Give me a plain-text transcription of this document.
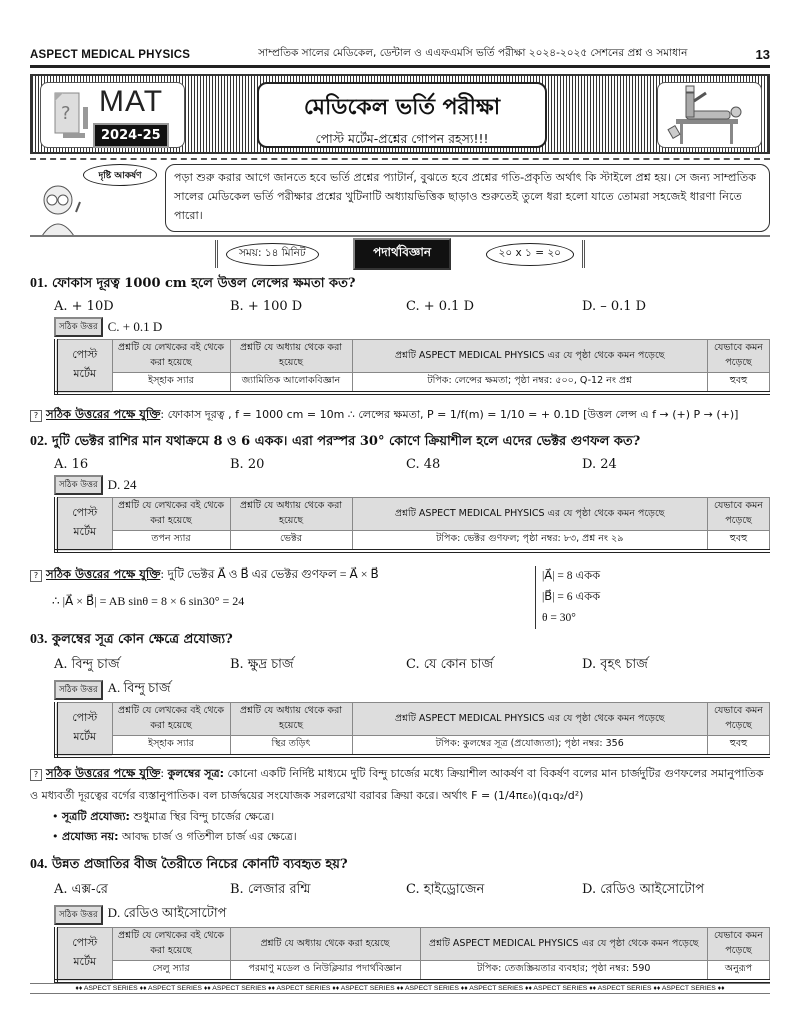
ASPECT MEDICAL PHYSICS	সাম্প্রতিক সালের মেডিকেল, ডেন্টাল ও এএফএমসি ভর্তি পরীক্ষা ২০২৪-২০২৫ সেশনের প্রশ্ন ও সমাধান	13
? MAT
2024-25
মেডিকেল ভর্তি পরীক্ষা
পোস্ট মর্টেম-প্রশ্নের গোপন রহস্য!!!
দৃষ্টি আকর্ষণ	পড়া শুরু করার আগে জানতে হবে ভর্তি প্রশ্নের প্যাটার্ন, বুঝতে হবে প্রশ্নের গতি-প্রকৃতি অর্থাৎ কি স্টাইলে প্রশ্ন হয়। সে জন্য সাম্প্রতিক সালের মেডিকেল ভর্তি পরীক্ষার প্রশ্নের খুটিনাটি অধ্যায়ভিত্তিক ছাড়াও শুরুতেই তুলে ধরা হলো যাতে তোমরা সহজেই ধারণা নিতে পারো।
সময়: ১৪ মিনিট	পদার্থবিজ্ঞান	২০ x ১ = ২০
01. ফোকাস দূরত্ব 1000 cm হলে উত্তল লেন্সের ক্ষমতা কত?
A. + 10D	B. + 100 D	C. + 0.1 D	D. – 0.1 D
সঠিক উত্তর C. + 0.1 D
পোস্ট মর্টেম	প্রশ্নটি যে লেখকের বই থেকে করা হয়েছে	প্রশ্নটি যে অধ্যায় থেকে করা হয়েছে	প্রশ্নটি ASPECT MEDICAL PHYSICS এর যে পৃষ্ঠা থেকে কমন পড়েছে	যেভাবে কমন পড়েছে
	ইস্‌হাক স্যার	জ্যামিতিক আলোকবিজ্ঞান	টপিক: লেন্সের ক্ষমতা; পৃষ্ঠা নম্বর: ৫০০, Q-12 নং প্রশ্ন	হুবহু
? সঠিক উত্তরের পক্ষে যুক্তি: ফোকাস দূরত্ব , f = 1000 cm = 10m ∴ লেন্সের ক্ষমতা, P = 1/f(m) = 1/10 = + 0.1D [উত্তল লেন্স এ f → (+) P → (+)]
02. দুটি ভেক্টর রাশির মান যথাক্রমে 8 ও 6 একক। এরা পরস্পর 30° কোণে ক্রিয়াশীল হলে এদের ভেক্টর গুণফল কত?
A. 16	B. 20	C. 48	D. 24
সঠিক উত্তর D. 24
পোস্ট মর্টেম	প্রশ্নটি যে লেখকের বই থেকে করা হয়েছে	প্রশ্নটি যে অধ্যায় থেকে করা হয়েছে	প্রশ্নটি ASPECT MEDICAL PHYSICS এর যে পৃষ্ঠা থেকে কমন পড়েছে	যেভাবে কমন পড়েছে
	তপন স্যার	ভেক্টর	টপিক: ভেক্টর গুণফল; পৃষ্ঠা নম্বর: ৮৩, প্রশ্ন নং ২৯	হুবহু
? সঠিক উত্তরের পক্ষে যুক্তি: দুটি ভেক্টর A⃗ ও B⃗ এর ভেক্টর গুণফল = A⃗ × B⃗
∴ |A⃗ × B⃗| = AB sinθ = 8 × 6 sin30° = 24
|A⃗| = 8 একক
|B⃗| = 6 একক
θ = 30°
03. কুলম্বের সূত্র কোন ক্ষেত্রে প্রযোজ্য?
A. বিন্দু চার্জ	B. ক্ষুদ্র চার্জ	C. যে কোন চার্জ	D. বৃহৎ চার্জ
সঠিক উত্তর A. বিন্দু চার্জ
পোস্ট মর্টেম	প্রশ্নটি যে লেখকের বই থেকে করা হয়েছে	প্রশ্নটি যে অধ্যায় থেকে করা হয়েছে	প্রশ্নটি ASPECT MEDICAL PHYSICS এর যে পৃষ্ঠা থেকে কমন পড়েছে	যেভাবে কমন পড়েছে
	ইস্‌হাক স্যার	স্থির তড়িৎ	টপিক: কুলম্বের সূত্র (প্রযোজ্যতা); পৃষ্ঠা নম্বর: 356	হুবহু
? সঠিক উত্তরের পক্ষে যুক্তি: কুলম্বের সূত্র: কোনো একটি নির্দিষ্ট মাধ্যমে দুটি বিন্দু চার্জের মধ্যে ক্রিয়াশীল আকর্ষণ বা বিকর্ষণ বলের মান চার্জদুটির গুণফলের সমানুপাতিক ও মধ্যবর্তী দূরত্বের বর্গের ব্যস্তানুপাতিক। বল চার্জদ্বয়ের সংযোজক সরলরেখা বরাবর ক্রিয়া করে। অর্থাৎ F = (1/4πε₀)(q₁q₂/d²)
• সূত্রটি প্রযোজ্য: শুধুমাত্র স্থির বিন্দু চার্জের ক্ষেত্রে।
• প্রযোজ্য নয়: আবদ্ধ চার্জ ও গতিশীল চার্জ এর ক্ষেত্রে।
04. উন্নত প্রজাতির বীজ তৈরীতে নিচের কোনটি ব্যবহৃত হয়?
A. এক্স-রে	B. লেজার রশ্মি	C. হাইড্রোজেন	D. রেডিও আইসোটোপ
সঠিক উত্তর D. রেডিও আইসোটোপ
পোস্ট মর্টেম	প্রশ্নটি যে লেখকের বই থেকে করা হয়েছে	প্রশ্নটি যে অধ্যায় থেকে করা হয়েছে	প্রশ্নটি ASPECT MEDICAL PHYSICS এর যে পৃষ্ঠা থেকে কমন পড়েছে	যেভাবে কমন পড়েছে
	সেলু স্যার	পরমাণু মডেল ও নিউক্লিয়ার পদার্থবিজ্ঞান	টপিক: তেজস্ক্রিয়তার ব্যবহার; পৃষ্ঠা নম্বর: 590	অনুরূপ
♦♦ ASPECT SERIES ♦♦ ASPECT SERIES ♦♦ ASPECT SERIES ♦♦ ASPECT SERIES ♦♦ ASPECT SERIES ♦♦ ASPECT SERIES ♦♦ ASPECT SERIES ♦♦ ASPECT SERIES ♦♦ ASPECT SERIES ♦♦ ASPECT SERIES ♦♦
